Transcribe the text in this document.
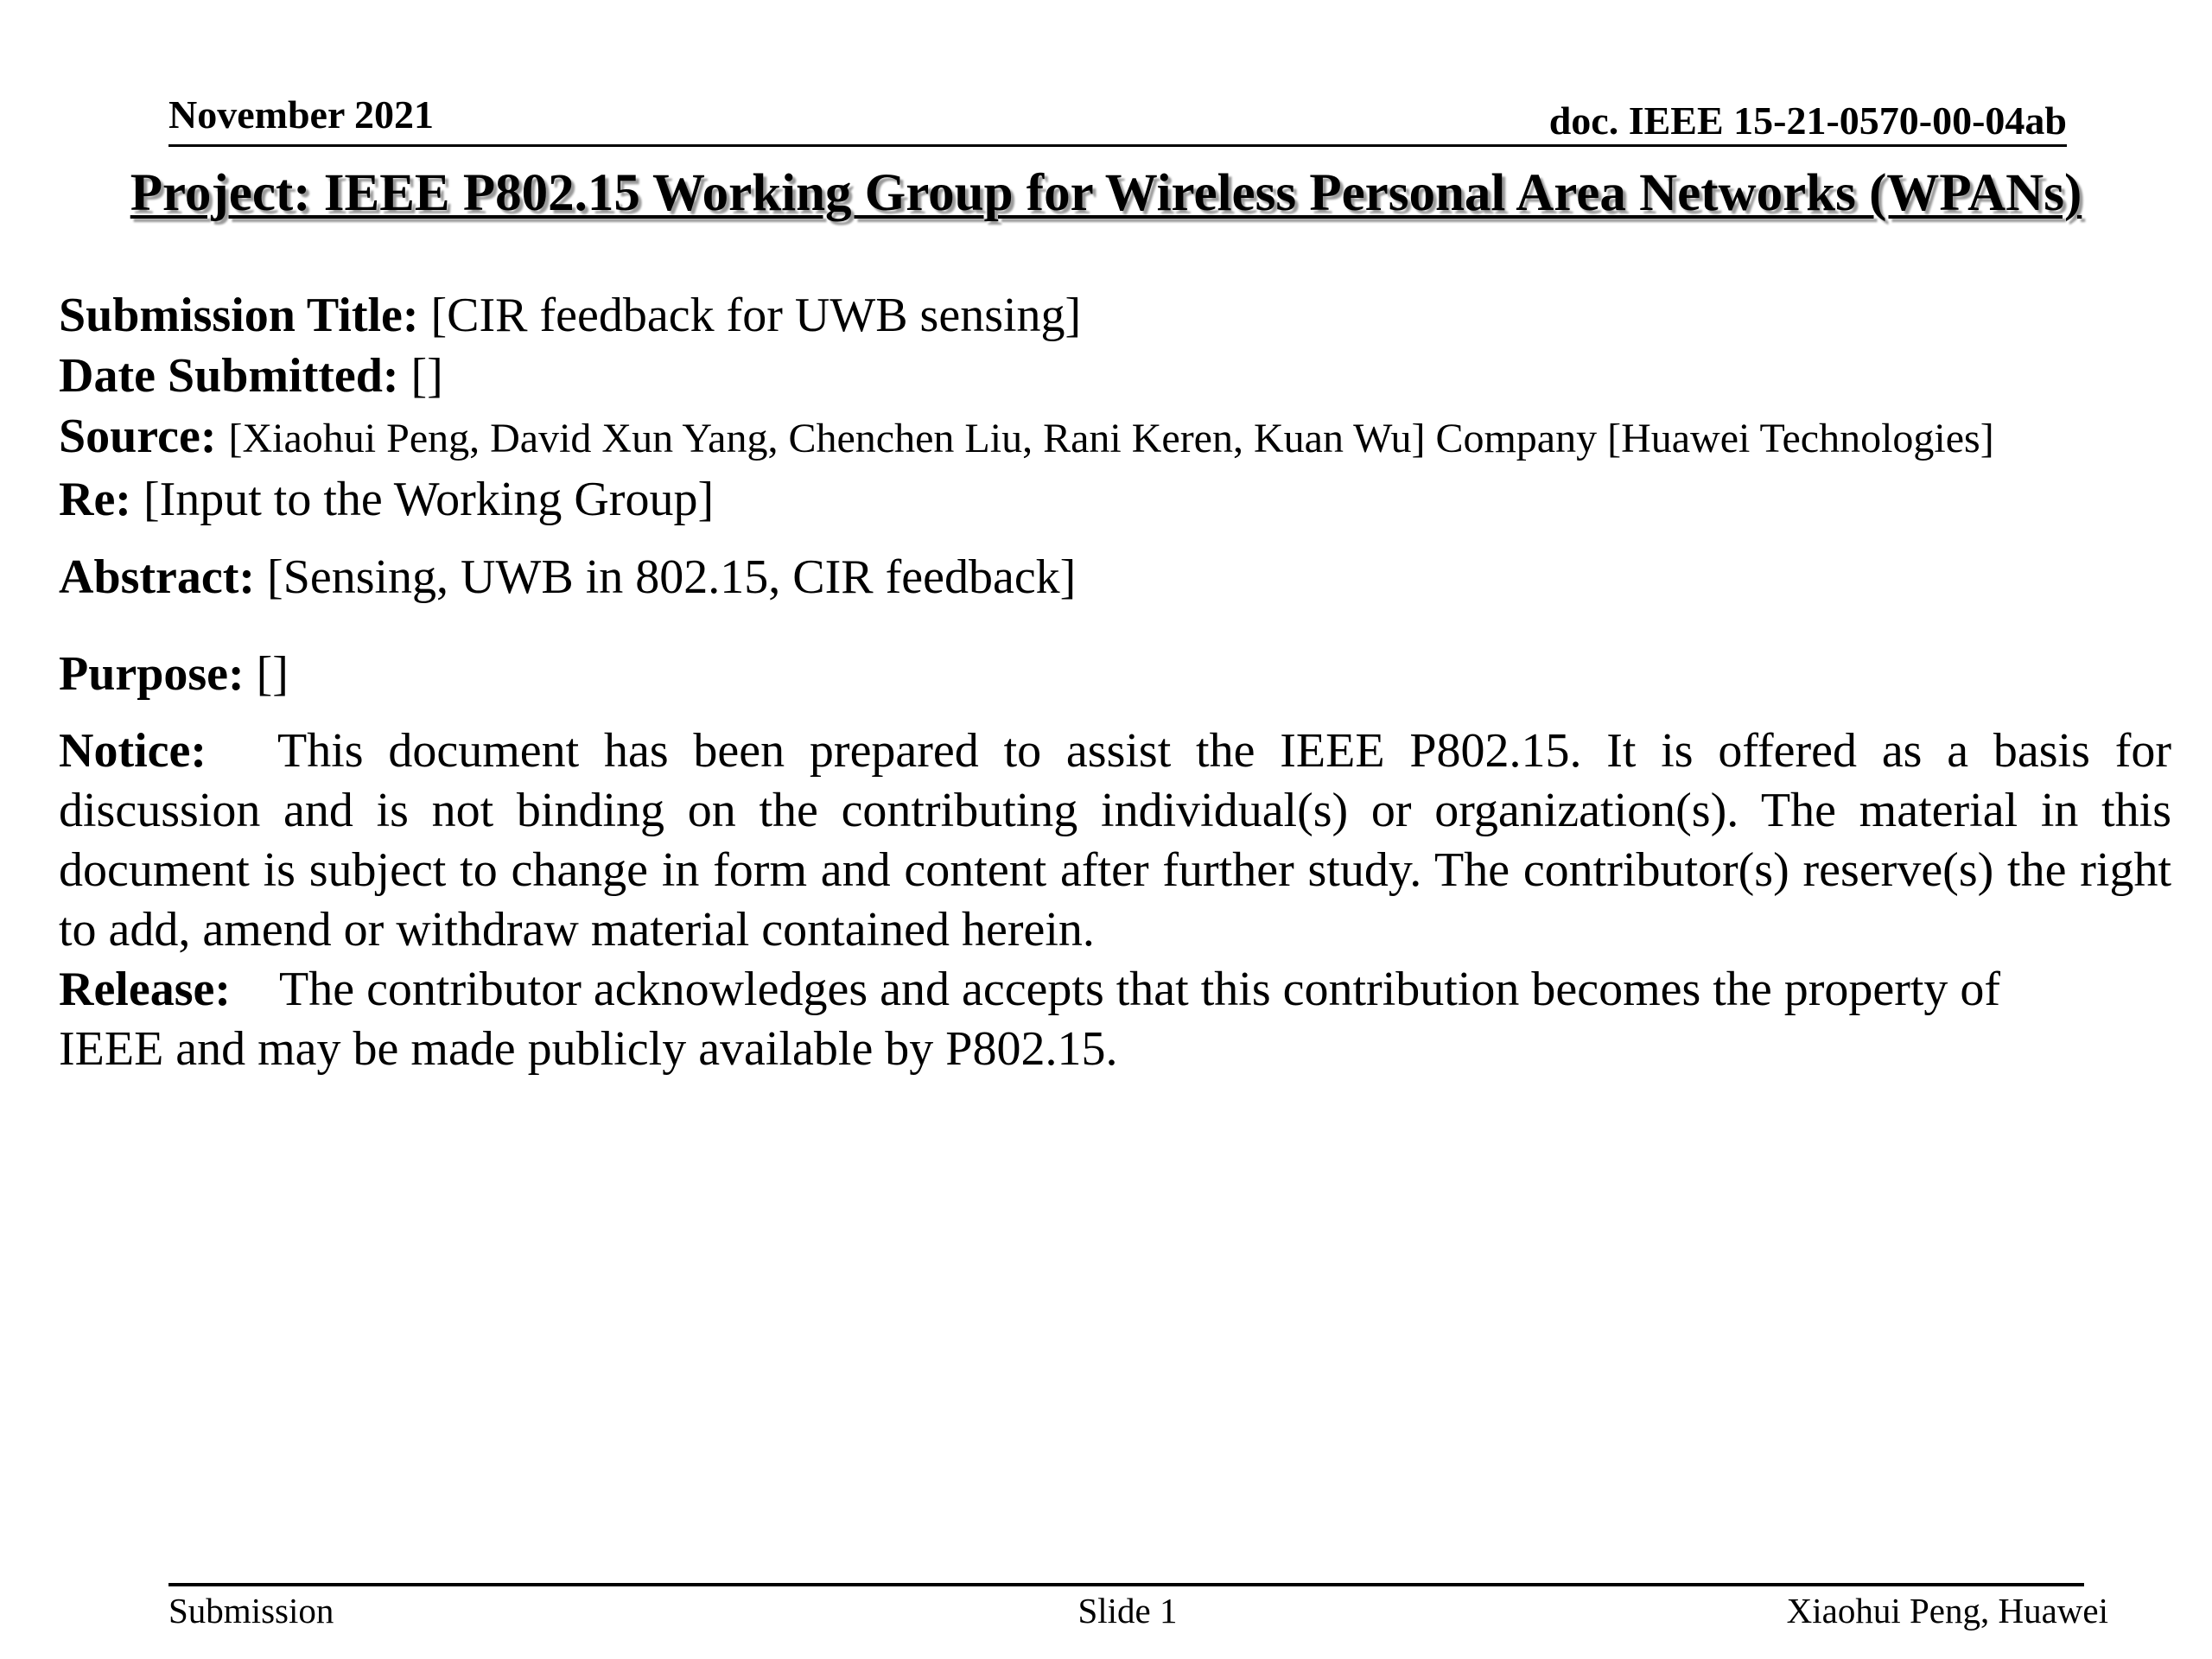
November 2021	doc. IEEE 15-21-0570-00-04ab
Project: IEEE P802.15 Working Group for Wireless Personal Area Networks (WPANs)
Submission Title: [CIR feedback for UWB sensing]
Date Submitted: []
Source: [Xiaohui Peng, David Xun Yang, Chenchen Liu, Rani Keren, Kuan Wu] Company [Huawei Technologies]
Re: [Input to the Working Group]
Abstract: [Sensing, UWB in 802.15, CIR feedback]
Purpose: []
Notice: This document has been prepared to assist the IEEE P802.15. It is offered as a basis for discussion and is not binding on the contributing individual(s) or organization(s). The material in this document is subject to change in form and content after further study. The contributor(s) reserve(s) the right to add, amend or withdraw material contained herein.
Release: The contributor acknowledges and accepts that this contribution becomes the property of
IEEE and may be made publicly available by P802.15.
Submission	Slide 1	Xiaohui Peng, Huawei
